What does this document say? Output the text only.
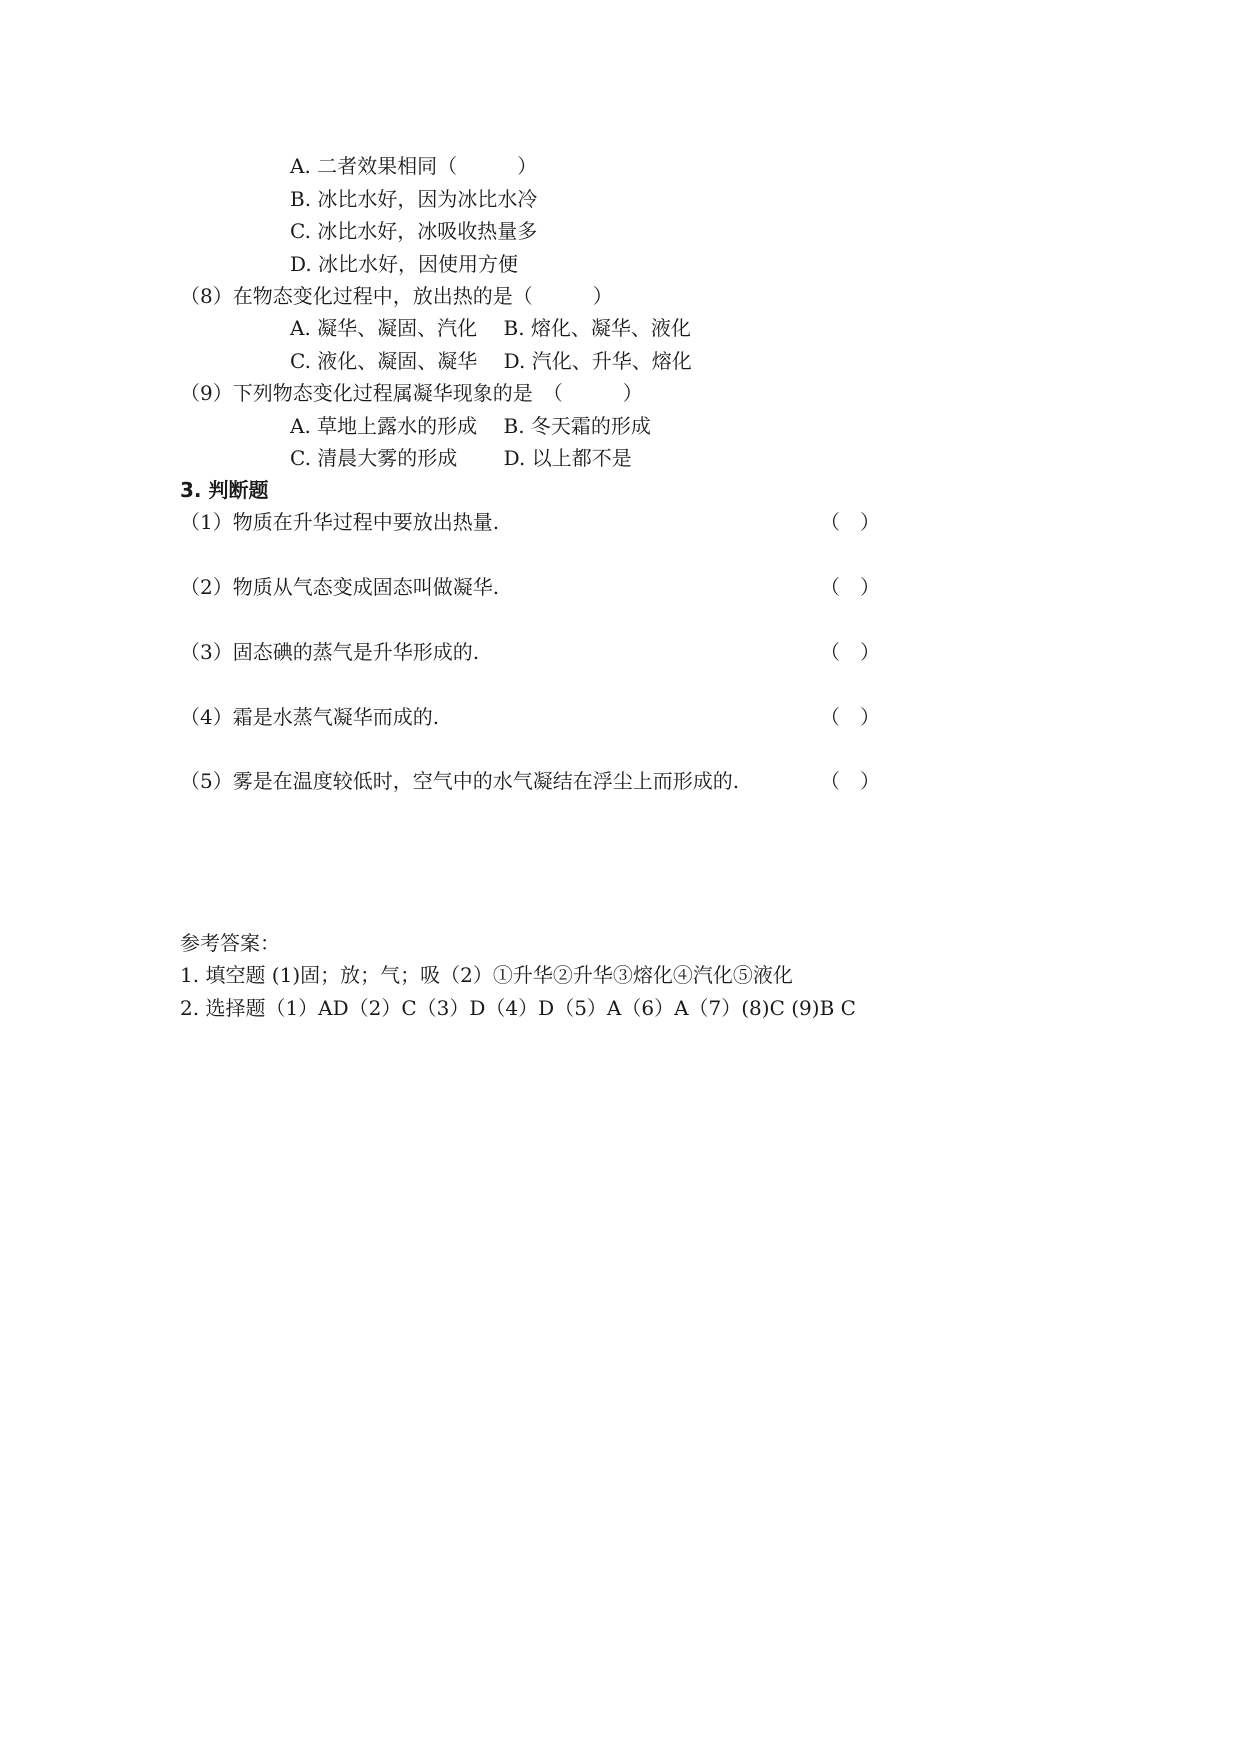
A. 二者效果相同（　　　）
B. 冰比水好，因为冰比水冷
C. 冰比水好，冰吸收热量多
D. 冰比水好，因使用方便
（8）在物态变化过程中，放出热的是（　　　）
A. 凝华、凝固、汽化　 B. 熔化、凝华、液化
C. 液化、凝固、凝华　 D. 汽化、升华、熔化
（9）下列物态变化过程属凝华现象的是　（　　　）
A. 草地上露水的形成　 B. 冬天霜的形成
C. 清晨大雾的形成　　 D. 以上都不是
3. 判断题
（1）物质在升华过程中要放出热量.	（　）
（2）物质从气态变成固态叫做凝华.	（　）
（3）固态碘的蒸气是升华形成的.	（　）
（4）霜是水蒸气凝华而成的.	（　）
（5）雾是在温度较低时，空气中的水气凝结在浮尘上而形成的.	（　）
参考答案：
1. 填空题 (1)固；放；气；吸（2）①升华②升华③熔化④汽化⑤液化
2. 选择题（1）AD（2）C（3）D（4）D（5）A（6）A（7）(8)C (9)B C
